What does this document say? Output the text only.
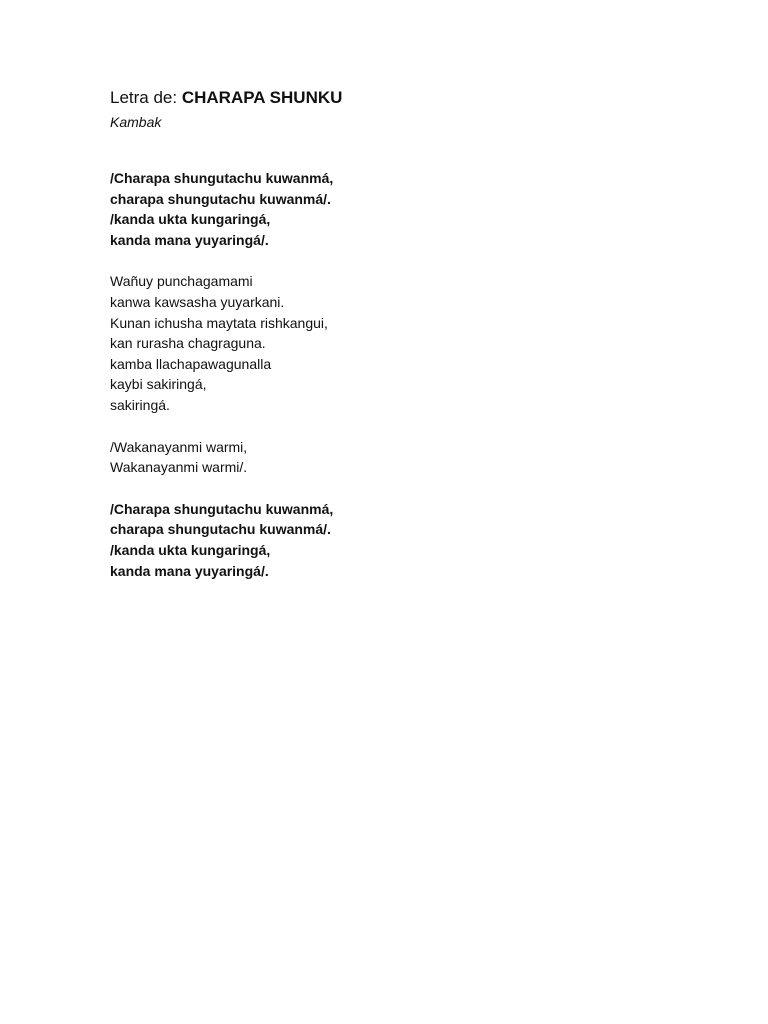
Letra de: CHARAPA SHUNKU

Kambak

/Charapa shungutachu kuwanmá,
charapa shungutachu kuwanmá/.
/kanda ukta kungaringá,
kanda mana yuyaringá/.
Wañuy punchagamami
kanwa kawsasha yuyarkani.
Kunan ichusha maytata rishkangui,
kan rurasha chagraguna.
kamba llachapawagunalla
kaybi sakiringá,
sakiringá.
/Wakanayanmi warmi,
Wakanayanmi warmi/.
/Charapa shungutachu kuwanmá,
charapa shungutachu kuwanmá/.
/kanda ukta kungaringá,
kanda mana yuyaringá/.
